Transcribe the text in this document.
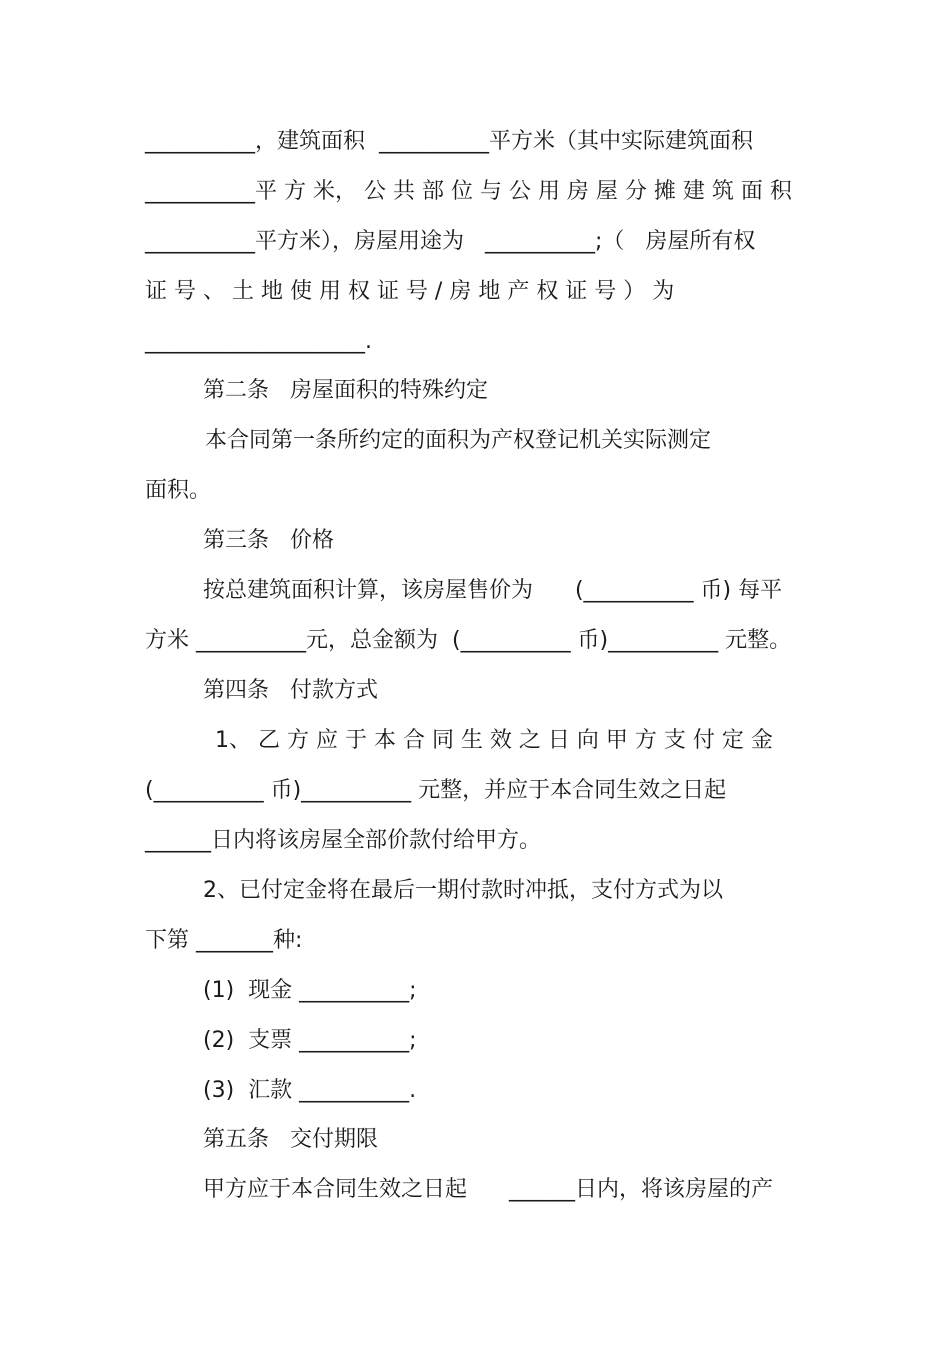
__________，建筑面积  __________平方米（其中实际建筑面积
__________平 方 米， 公 共 部 位 与 公 用 房 屋 分 摊 建 筑 面 积
__________平方米），房屋用途为   __________;（   房屋所有权
证 号 、 土 地 使 用 权 证 号 / 房 地 产 权 证 号 ） 为
____________________.
第二条   房屋面积的特殊约定
本合同第一条所约定的面积为产权登记机关实际测定
面积。
第三条   价格
按总建筑面积计算，该房屋售价为      (__________ 币) 每平
方米 __________元，总金额为  (__________ 币)__________ 元整。
第四条   付款方式
1、 乙 方 应 于 本 合 同 生 效 之 日 向 甲 方 支 付 定 金
(__________ 币)__________ 元整，并应于本合同生效之日起
______日内将该房屋全部价款付给甲方。
2、已付定金将在最后一期付款时冲抵，支付方式为以
下第 _______种:
(1)  现金 __________;
(2)  支票 __________;
(3)  汇款 __________.
第五条   交付期限
甲方应于本合同生效之日起      ______日内，将该房屋的产
